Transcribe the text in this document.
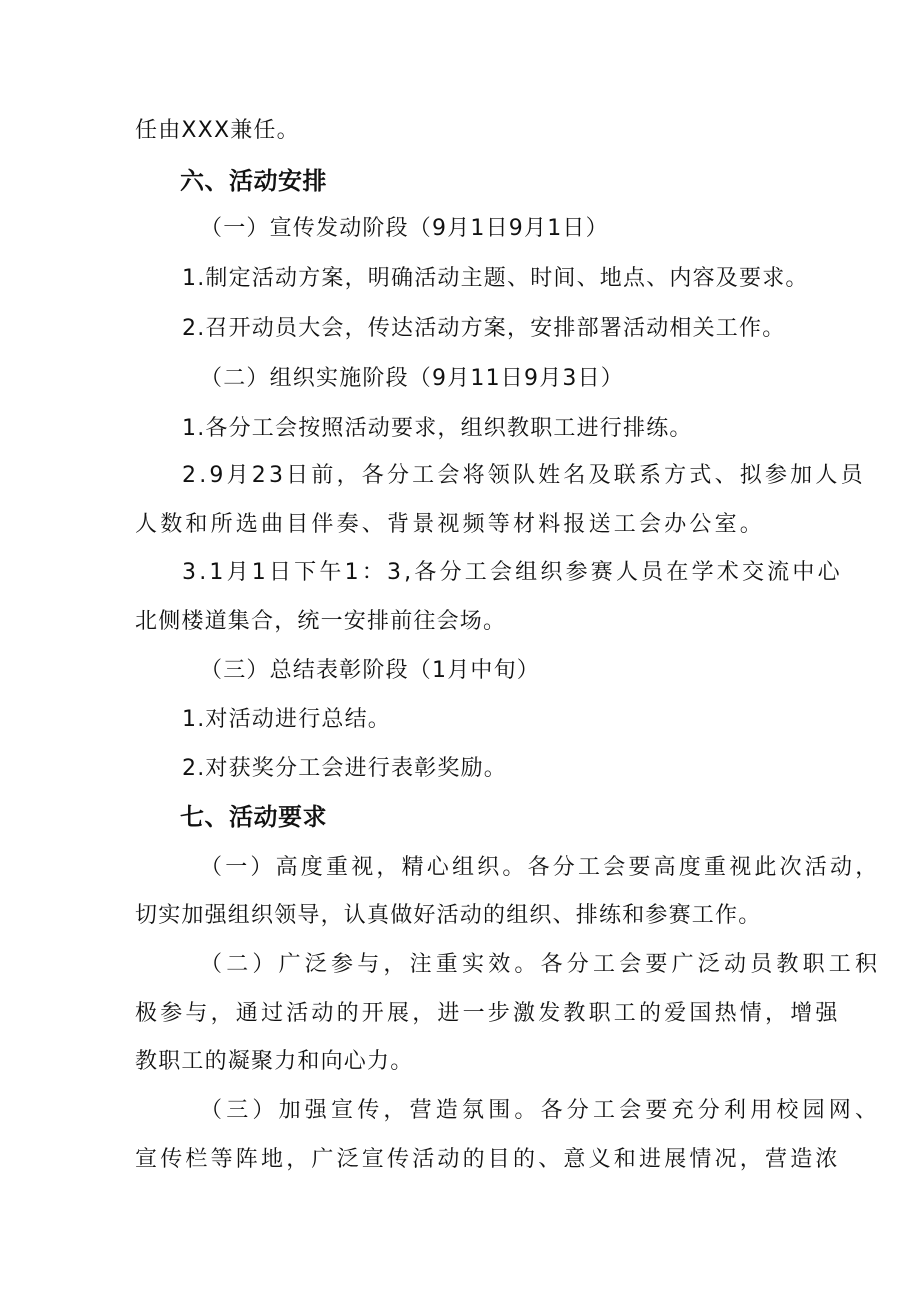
任由XXX兼任。
六、活动安排
（一）宣传发动阶段（9月1日9月1日）
1.制定活动方案，明确活动主题、时间、地点、内容及要求。
2.召开动员大会，传达活动方案，安排部署活动相关工作。
（二）组织实施阶段（9月11日9月3日）
1.各分工会按照活动要求，组织教职工进行排练。
2.9月23日前，各分工会将领队姓名及联系方式、拟参加人员
人数和所选曲目伴奏、背景视频等材料报送工会办公室。
3.1月1日下午1：3,各分工会组织参赛人员在学术交流中心
北侧楼道集合，统一安排前往会场。
（三）总结表彰阶段（1月中旬）
1.对活动进行总结。
2.对获奖分工会进行表彰奖励。
七、活动要求
（一）高度重视，精心组织。各分工会要高度重视此次活动，
切实加强组织领导，认真做好活动的组织、排练和参赛工作。
（二）广泛参与，注重实效。各分工会要广泛动员教职工积
极参与，通过活动的开展，进一步激发教职工的爱国热情，增强
教职工的凝聚力和向心力。
（三）加强宣传，营造氛围。各分工会要充分利用校园网、
宣传栏等阵地，广泛宣传活动的目的、意义和进展情况，营造浓
